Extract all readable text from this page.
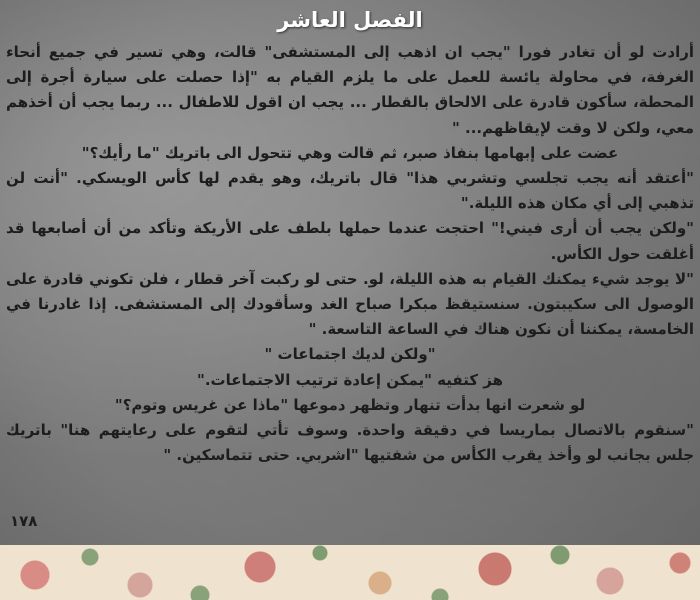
الفصل العاشر

أرادت لو أن تغادر فورا "يجب ان اذهب إلى المستشفى" قالت، وهي تسير في جميع أنحاء الغرفة، في محاولة يائسة للعمل على ما يلزم القيام به "إذا حصلت على سيارة أجرة إلى المحطة، سأكون قادرة على الالحاق بالقطار ... يجب ان اقول للاطفال ... ربما يجب أن أخذهم معي، ولكن لا وقت لإيقاظهم... "

عضت على إبهامها بنفاذ صبر، ثم قالت وهي تتحول الى باتريك "ما رأيك؟"

"أعتقد أنه يجب تجلسي وتشربي هذا" قال باتريك، وهو يقدم لها كأس الويسكي. "أنت لن تذهبي إلى أي مكان هذه الليلة."

"ولكن يجب أن أرى فيني!" احتجت عندما حملها بلطف على الأريكة وتأكد من أن أصابعها قد أغلقت حول الكأس.

"لا يوجد شيء يمكنك القيام به هذه الليلة، لو. حتى لو ركبت آخر قطار ، فلن تكوني قادرة على الوصول الى سكيبتون. سنستيقظ مبكرا صباح الغد وسأقودك إلى المستشفى. إذا غادرنا في الخامسة، يمكننا أن نكون هناك في الساعة التاسعة. "

"ولكن لديك اجتماعات "

هز كتفيه "يمكن إعادة ترتيب الاجتماعات."

لو شعرت انها بدأت تنهار وتظهر دموعها "ماذا عن غريس وتوم؟"

"سنقوم بالاتصال بماريسا في دقيقة واحدة. وسوف تأتي لتقوم على رعايتهم هنا" باتريك جلس بجانب لو وأخذ يقرب الكأس من شفتيها "اشربي. حتى تتماسكين. "

١٧٨
